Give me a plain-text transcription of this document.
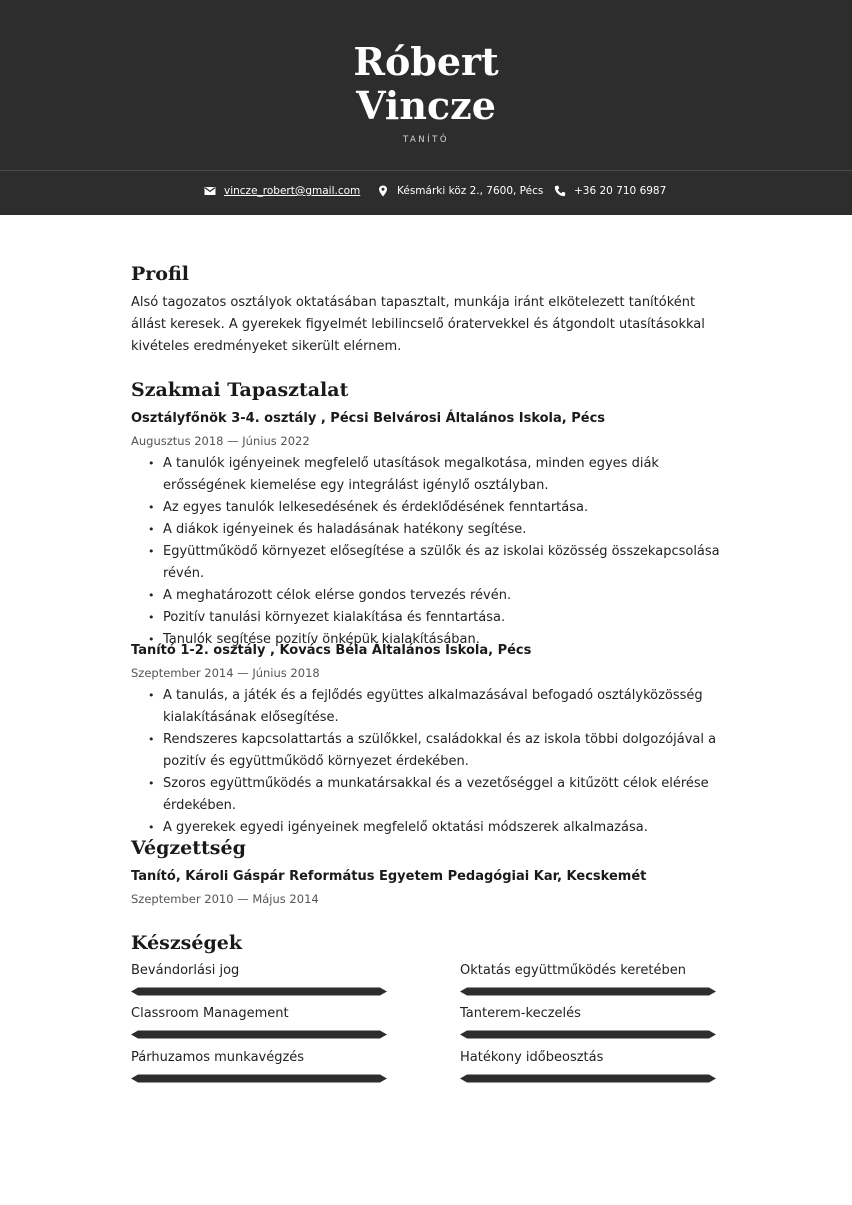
Róbert
Vincze
TANÍTÓ
vincze_robert@gmail.com	Késmárki köz 2., 7600, Pécs	+36 20 710 6987
Profil
Alsó tagozatos osztályok oktatásában tapasztalt, munkája iránt elkötelezett tanítóként állást keresek. A gyerekek figyelmét lebilincselő óratervekkel és átgondolt utasításokkal kivételes eredményeket sikerült elérnem.
Szakmai Tapasztalat
Osztályfőnök 3-4. osztály , Pécsi Belvárosi Általános Iskola, Pécs
Augusztus 2018 — Június 2022
• A tanulók igényeinek megfelelő utasítások megalkotása, minden egyes diák erősségének kiemelése egy integrálást igénylő osztályban.
• Az egyes tanulók lelkesedésének és érdeklődésének fenntartása.
• A diákok igényeinek és haladásának hatékony segítése.
• Együttműködő környezet elősegítése a szülők és az iskolai közösség összekapcsolása révén.
• A meghatározott célok elérse gondos tervezés révén.
• Pozitív tanulási környezet kialakítása és fenntartása.
• Tanulók segítése pozitív önképük kialakításában.
Tanító 1-2. osztály , Kovács Béla Általános Iskola, Pécs
Szeptember 2014 — Június 2018
• A tanulás, a játék és a fejlődés együttes alkalmazásával befogadó osztályközösség kialakításának elősegítése.
• Rendszeres kapcsolattartás a szülőkkel, családokkal és az iskola többi dolgozójával a pozitív és együttműködő környezet érdekében.
• Szoros együttműködés a munkatársakkal és a vezetőséggel a kitűzött célok elérése érdekében.
• A gyerekek egyedi igényeinek megfelelő oktatási módszerek alkalmazása.
Végzettség
Tanító, Károli Gáspár Református Egyetem Pedagógiai Kar, Kecskemét
Szeptember 2010 — Május 2014
Készségek
Bevándorlási jog	Oktatás együttműködés keretében
Classroom Management	Tanterem-keczelés
Párhuzamos munkavégzés	Hatékony időbeosztás
